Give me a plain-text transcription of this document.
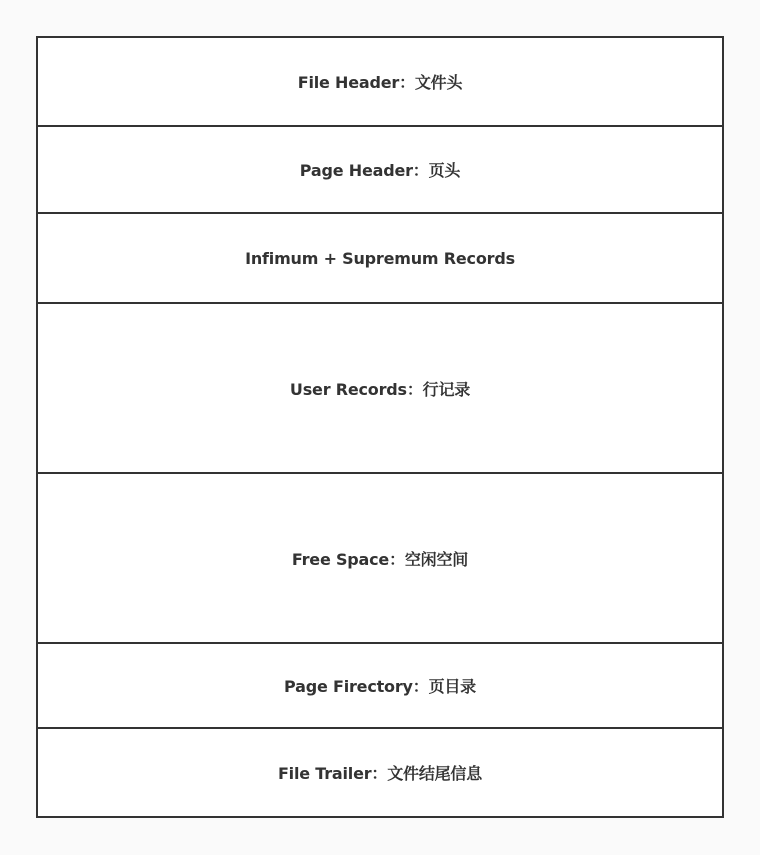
File Header：文件头
Page Header：页头
Infimum + Supremum Records
User Records：行记录
Free Space：空闲空间
Page Firectory：页目录
File Trailer：文件结尾信息
